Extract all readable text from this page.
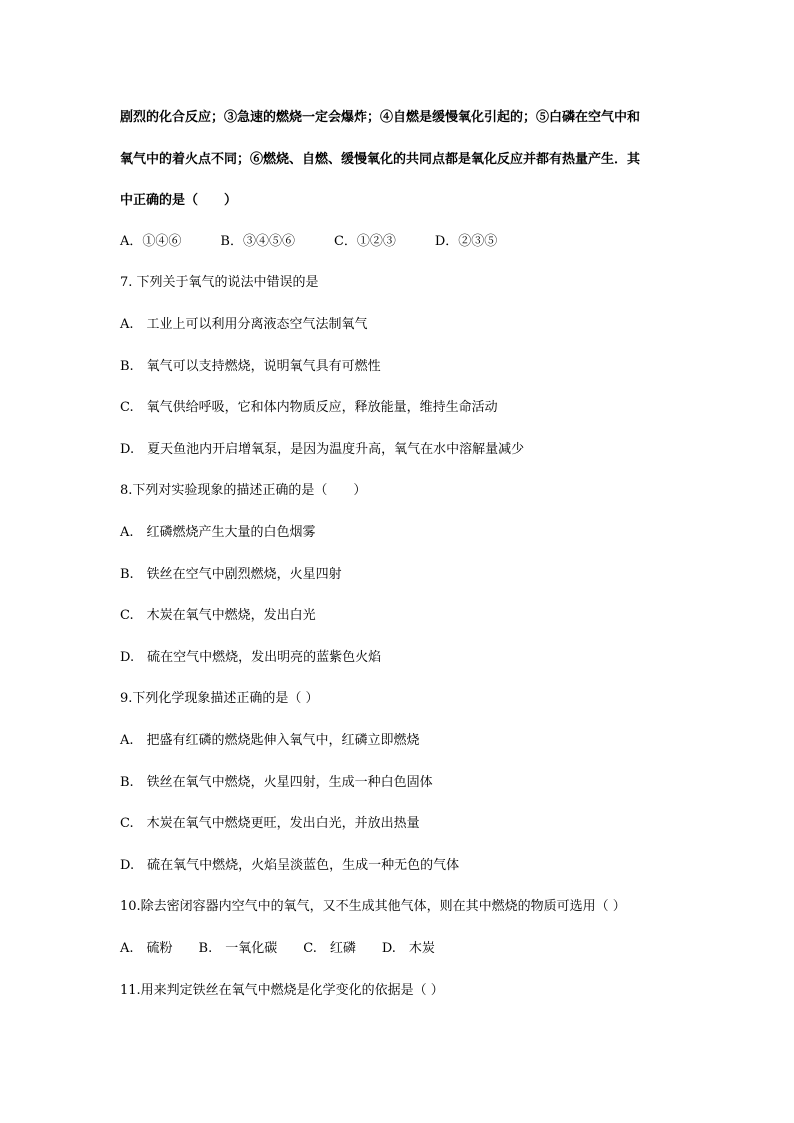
剧烈的化合反应；③急速的燃烧一定会爆炸；④自燃是缓慢氧化引起的；⑤白磷在空气中和
氧气中的着火点不同；⑥燃烧、自燃、缓慢氧化的共同点都是氧化反应并都有热量产生．其
中正确的是（　　）
A．①④⑥　　　B．③④⑤⑥　　　C．①②③　　　D．②③⑤
7. 下列关于氧气的说法中错误的是
A.　工业上可以利用分离液态空气法制氧气
B.　氧气可以支持燃烧，说明氧气具有可燃性
C.　氧气供给呼吸，它和体内物质反应，释放能量，维持生命活动
D.　夏天鱼池内开启增氧泵，是因为温度升高，氧气在水中溶解量减少
8.下列对实验现象的描述正确的是（　　）
A.　红磷燃烧产生大量的白色烟雾
B.　铁丝在空气中剧烈燃烧，火星四射
C.　木炭在氧气中燃烧，发出白光
D.　硫在空气中燃烧，发出明亮的蓝紫色火焰
9.下列化学现象描述正确的是（ ）
A.　把盛有红磷的燃烧匙伸入氧气中，红磷立即燃烧
B.　铁丝在氧气中燃烧，火星四射，生成一种白色固体
C.　木炭在氧气中燃烧更旺，发出白光，并放出热量
D.　硫在氧气中燃烧，火焰呈淡蓝色，生成一种无色的气体
10.除去密闭容器内空气中的氧气，又不生成其他气体，则在其中燃烧的物质可选用（ ）
A.　硫粉　　B.　一氧化碳　　C.　红磷　　D.　木炭
11.用来判定铁丝在氧气中燃烧是化学变化的依据是（ ）
